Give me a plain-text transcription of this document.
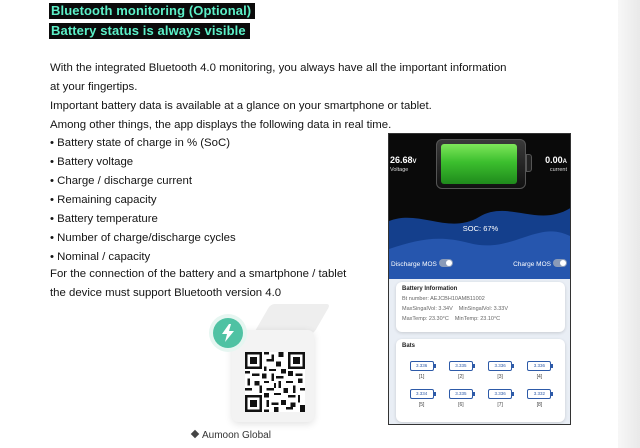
Bluetooth monitoring (Optional)
Battery status is always visible
With the integrated Bluetooth 4.0 monitoring, you always have all the important information
at your fingertips.
Important battery data is available at a glance on your smartphone or tablet.
Among other things, the app displays the following data in real time.
• Battery state of charge in % (SoC)
• Battery voltage
• Charge / discharge current
• Remaining capacity
• Battery temperature
• Number of charge/discharge cycles
• Nominal / capacity
For the connection of the battery and a smartphone / tablet
the device must support Bluetooth version 4.0
Aumoon Global
26.68V
Voltage
0.00A
current
SOC: 67%
Discharge MOS	Charge MOS
Battery Information
Bt number: AEJCBH10AMB11002
MaxSingalVol: 3.34V MinSingalVol: 3.33V
MaxTemp: 23.30°C MinTemp: 23.10°C
Bats
3.336
[1]
3.335
[2]
3.336
[3]
3.336
[4]
3.334
[5]
3.335
[6]
3.336
[7]
3.332
[8]
